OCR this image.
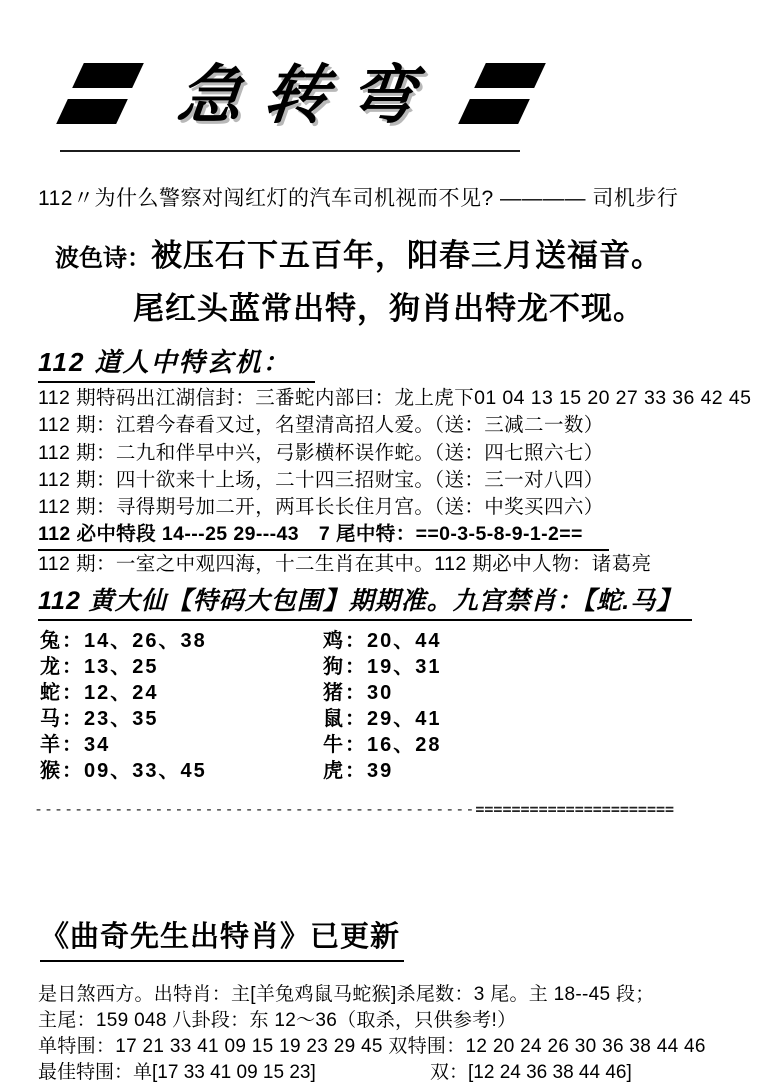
急转弯
112〃为什么警察对闯红灯的汽车司机视而不见? ———— 司机步行
波色诗： 被压石下五百年，阳春三月送福音。
尾红头蓝常出特，狗肖出特龙不现。
112 道人中特玄机：
112 期特码出江湖信封：三番蛇内部曰：龙上虎下01 04 13 15 20 27 33 36 42 45
112 期：江碧今春看又过，名望清高招人爱。（送：三减二一数）
112 期：二九和伴早中兴，弓影横杯误作蛇。（送：四七照六七）
112 期：四十欲来十上场，二十四三招财宝。（送：三一对八四）
112 期：寻得期号加二开，两耳长长住月宫。（送：中奖买四六）
112 必中特段 14---25 29---43　7 尾中特：==0-3-5-8-9-1-2==
112 期：一室之中观四海，十二生肖在其中。112 期必中人物：诸葛亮
112 黄大仙【特码大包围】期期准。九宫禁肖：【蛇.马】
兔：14、26、38	鸡：20、44
龙：13、25	狗：19、31
蛇：12、24	猪：30
马：23、35	鼠：29、41
羊：34	牛：16、28
猴：09、33、45	虎：39
--------------------------------------------======================
《曲奇先生出特肖》已更新
是日煞西方。出特肖：主[羊兔鸡鼠马蛇猴]杀尾数：3 尾。主 18--45 段；
主尾：159 048 八卦段：东 12～36（取杀，只供参考!）
单特围：17 21 33 41 09 15 19 23 29 45 双特围：12 20 24 26 30 36 38 44 46
最佳特围：单[17 33 41 09 15 23]	双：[12 24 36 38 44 46]
